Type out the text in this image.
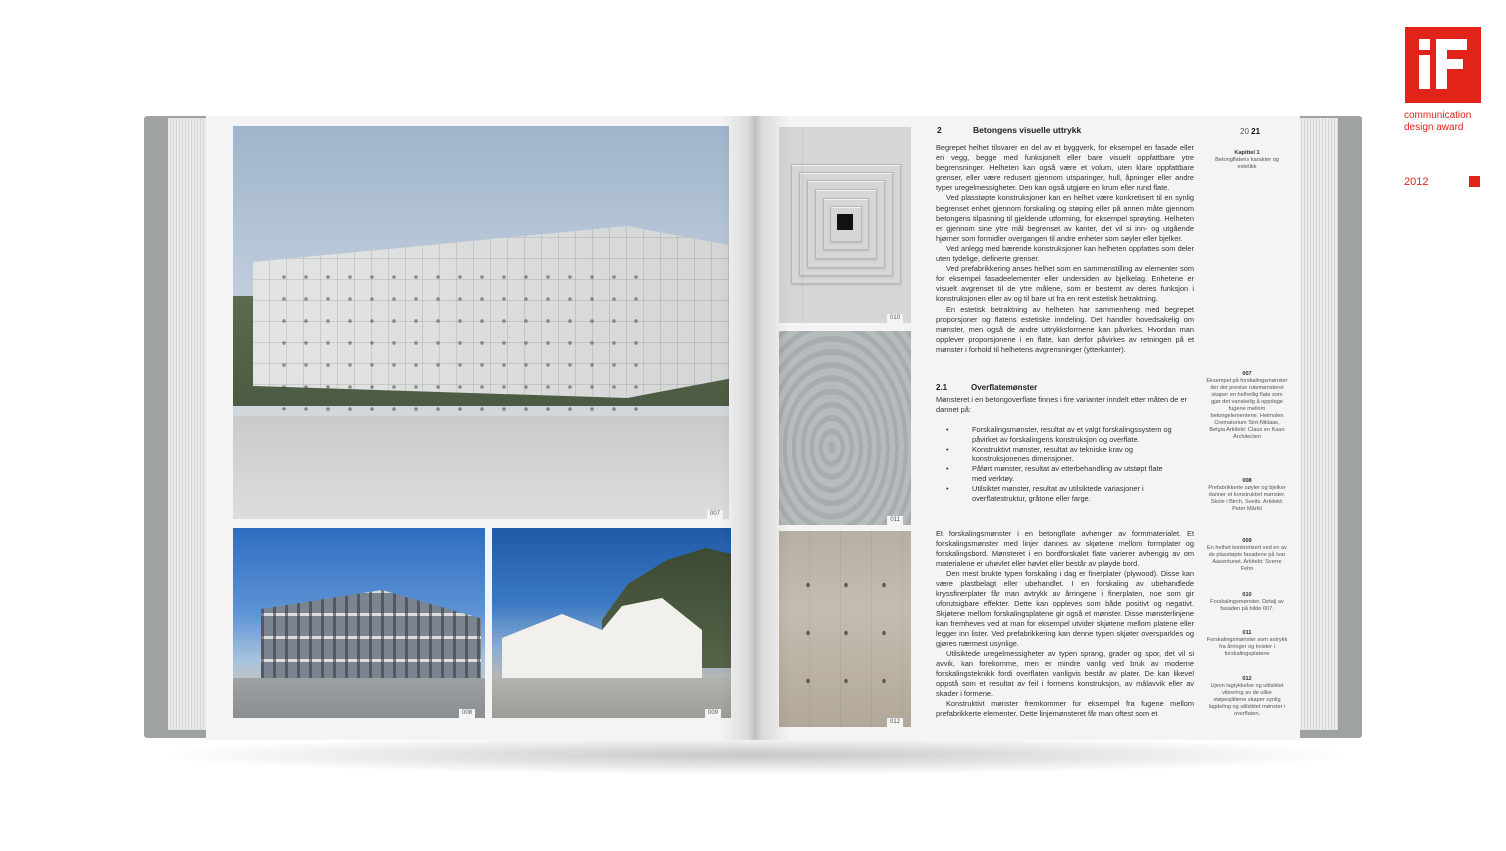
007
008	009
010
011
012
2	Betongens visuelle uttrykk	20 21

Begrepet helhet tilsvarer en del av et byggverk, for eksempel en fasade eller en vegg, begge med funksjonelt eller bare visuelt oppfattbare ytre begrensninger. Helheten kan også være et volum, uten klare oppfattbare grenser, eller være redusert gjennom utsparinger, hull, åpninger eller andre typer uregelmessigheter. Den kan også utgjøre en krum eller rund flate.

Ved plasstøpte konstruksjoner kan en helhet være konkretisert til en synlig begrenset enhet gjennom forskaling og støping eller på annen måte gjennom betongens tilpasning til gjeldende utforming, for eksempel sprøyting. Helheten er gjennom sine ytre mål begrenset av kanter, det vil si inn- og utgående hjørner som formidler overgangen til andre enheter som søyler eller bjelker.

Ved anlegg med bærende konstruksjoner kan helheten oppfattes som deler uten tydelige, definerte grenser.

Ved prefabrikkering anses helhet som en sammenstilling av elementer som for eksempel fasadeelementer eller undersiden av bjelkelag. Enhetene er visuelt avgrenset til de ytre målene, som er bestemt av deres funksjon i konstruksjonen eller av og til bare ut fra en rent estetisk betraktning.

En estetisk betraktning av helheten har sammenheng med begrepet proporsjoner og flatens estetiske inndeling. Det handler hovedsakelig om mønster, men også de andre uttrykksformene kan påvirkes. Hvordan man opplever proporsjonene i en flate, kan derfor påvirkes av retningen på et mønster i forhold til helhetens avgrensninger (ytterkanter).

2.1	Overflatemønster
Mønsteret i en betongoverflate finnes i fire varianter inndelt etter måten de er dannet på:
• Forskalingsmønster, resultat av et valgt forskalingssystem og påvirket av forskalingens konstruksjon og overflate.
• Konstruktivt mønster, resultat av tekniske krav og konstruksjonenes dimensjoner.
• Påført mønster, resultat av etterbehandling av utstøpt flate med verktøy.
• Utilsiktet mønster, resultat av utilsiktede variasjoner i overflatestruktur, gråtone eller farge.

Et forskalingsmønster i en betongflate avhenger av formmaterialet. Et forskalingsmønster med linjer dannes av skjøtene mellom formplater og forskalingsbord. Mønsteret i en bordforskalet flate varierer avhengig av om materialene er uhøvlet eller høvlet eller består av pløyde bord.

Den mest brukte typen forskaling i dag er finerplater (plywood). Disse kan være plastbelagt eller ubehandlet. I en forskaling av ubehandlede kryssfinerplater får man avtrykk av årringene i finerplaten, noe som gir uforutsigbare effekter. Dette kan oppleves som både positivt og negativt. Skjøtene mellom forskalingsplatene gir også et mønster. Disse mønsterlinjene kan fremheves ved at man for eksempel utvider skjøtene mellom platene eller legger inn lister. Ved prefabrikkering kan denne typen skjøter oversparkles og gjøres nærmest usynlige.

Utilsiktede uregelmessigheter av typen sprang, grader og spor, det vil si avvik, kan forekomme, men er mindre vanlig ved bruk av moderne forskalingsteknikk fordi overflaten vanligvis består av plater. De kan likevel oppstå som et resultat av feil i formens konstruksjon, av mâlavvik eller av skader i formene.

Konstruktivt mønster fremkommer for eksempel fra fugene mellom prefabrikkerte elementer. Dette linjemønsteret får man oftest som et

Kapittel 1
Betongflatens karakter og estetikk
007
Eksempel på forskalingsmønster der det presise rutemønsteret skaper en helhetlig flate som gjør det vanskelig å oppdage fugene mellom betongelementene. Heimolen Crematorium Sint-Niklaas, Belgia Arkitekt: Claus en Kaan Architecten
008
Prefabrikkerte søyler og bjelker danner et konstruktivt mønster. Skole i Birch, Sveits. Arkitekt: Peter Märkli
009
En helhet konkretisert ved en av de plasstøpte fasadene på Ivar Aasentunet. Arkitekt: Sverre Fehn
010
Forskalingsmønster. Detalj av fasaden på bilde 007.
011
Forskalingsmønster som avtrykk fra årringer og kvister i forskalingsplatene
012
Ujevn lagtykkelse og utilsiktet vibrering av de ulike støpesjiktene skaper synlig lagdeling og utilsiktet mønster i overflaten.
communication
design award
2012
